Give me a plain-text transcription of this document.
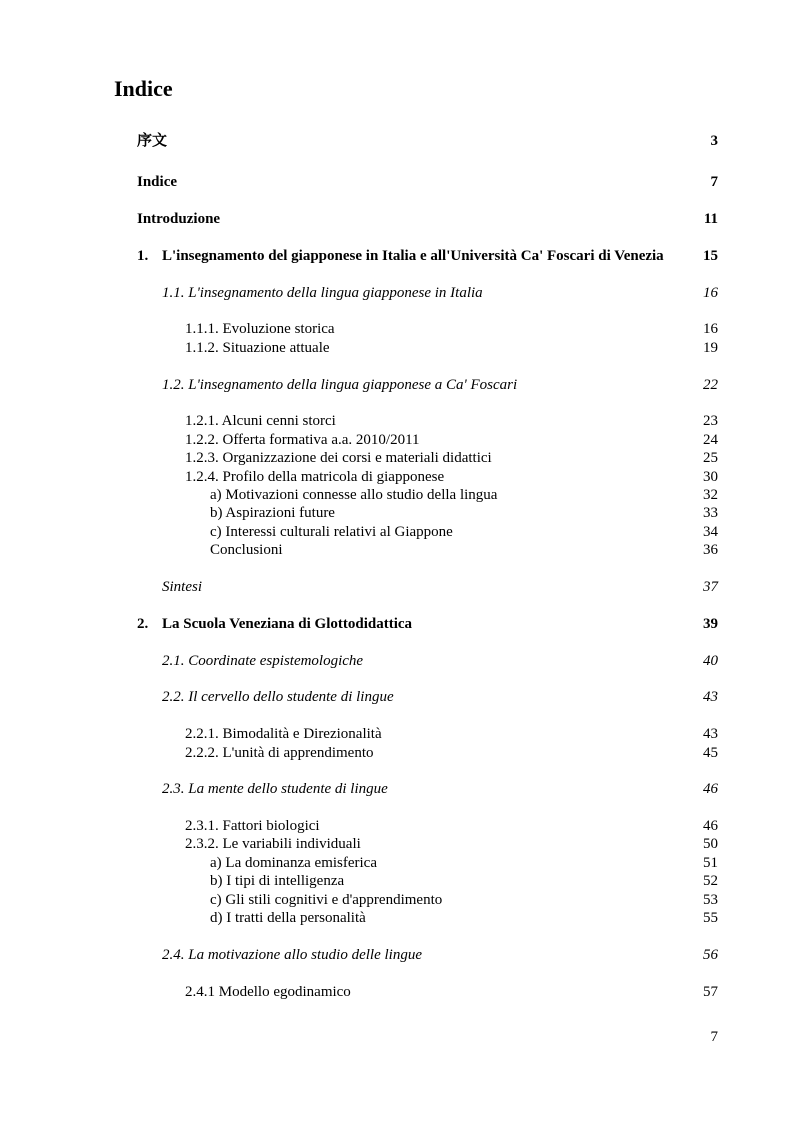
Indice
序文	3
Indice	7
Introduzione	11
1. L'insegnamento del giapponese in Italia e all'Università Ca' Foscari di Venezia	15
1.1. L'insegnamento della lingua giapponese in Italia	16
1.1.1. Evoluzione storica	16
1.1.2. Situazione attuale	19
1.2. L'insegnamento della lingua giapponese a Ca' Foscari	22
1.2.1. Alcuni cenni storci	23
1.2.2. Offerta formativa a.a. 2010/2011	24
1.2.3. Organizzazione dei corsi e materiali didattici	25
1.2.4. Profilo della matricola di giapponese	30
a) Motivazioni connesse allo studio della lingua	32
b) Aspirazioni future	33
c) Interessi culturali relativi al Giappone	34
Conclusioni	36
Sintesi	37
2. La Scuola Veneziana di Glottodidattica	39
2.1. Coordinate espistemologiche	40
2.2. Il cervello dello studente di lingue	43
2.2.1. Bimodalità e Direzionalità	43
2.2.2. L'unità di apprendimento	45
2.3. La mente dello studente di lingue	46
2.3.1. Fattori biologici	46
2.3.2. Le variabili individuali	50
a) La dominanza emisferica	51
b) I tipi di intelligenza	52
c) Gli stili cognitivi e d'apprendimento	53
d) I tratti della personalità	55
2.4. La motivazione allo studio delle lingue	56
2.4.1 Modello egodinamico	57
7
